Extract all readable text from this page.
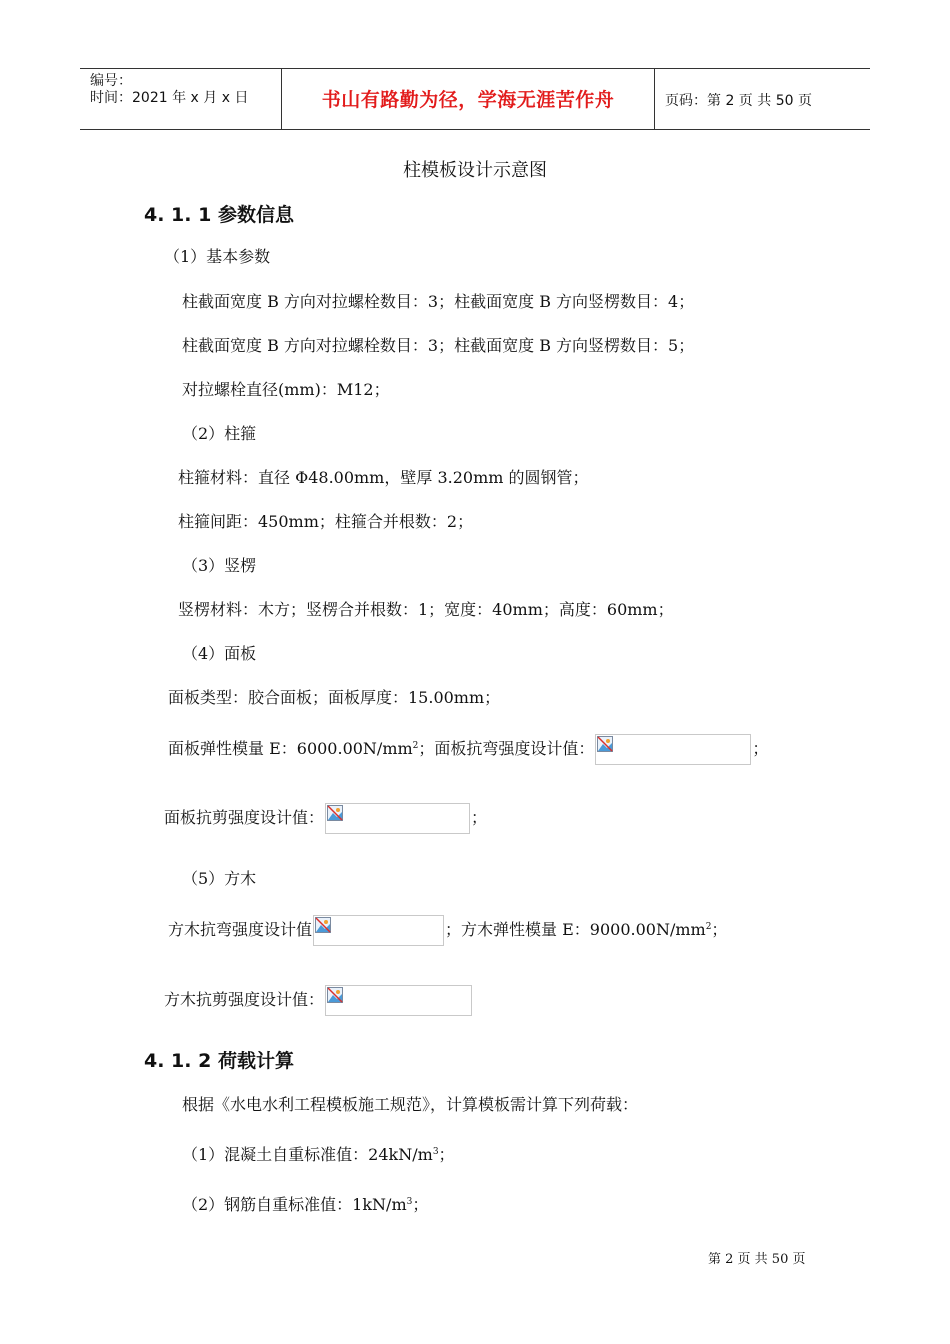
编号：
时间：2021 年 x 月 x 日	书山有路勤为径，学海无涯苦作舟	页码：第 2 页 共 50 页
柱模板设计示意图
4. 1. 1 参数信息
（1）基本参数
柱截面宽度 B 方向对拉螺栓数目：3；柱截面宽度 B 方向竖楞数目：4；
柱截面宽度 B 方向对拉螺栓数目：3；柱截面宽度 B 方向竖楞数目：5；
对拉螺栓直径(mm)：M12；
（2）柱箍
柱箍材料：直径 Φ48.00mm，壁厚 3.20mm 的圆钢管；
柱箍间距：450mm；柱箍合并根数：2；
（3）竖楞
竖楞材料：木方；竖楞合并根数：1；宽度：40mm；高度：60mm；
（4）面板
面板类型：胶合面板；面板厚度：15.00mm；
面板弹性模量 E：$6000.00N/mm^2$；面板抗弯强度设计值：	；
面板抗剪强度设计值：	；
（5）方木
方木抗弯强度设计值	；方木弹性模量 E：$9000.00N/mm^2$；
方木抗剪强度设计值：
4. 1. 2 荷载计算
根据《水电水利工程模板施工规范》，计算模板需计算下列荷载：
（1）混凝土自重标准值：$24kN/m^3$；
（2）钢筋自重标准值：$1kN/m^3$；
第 2 页 共 50 页
